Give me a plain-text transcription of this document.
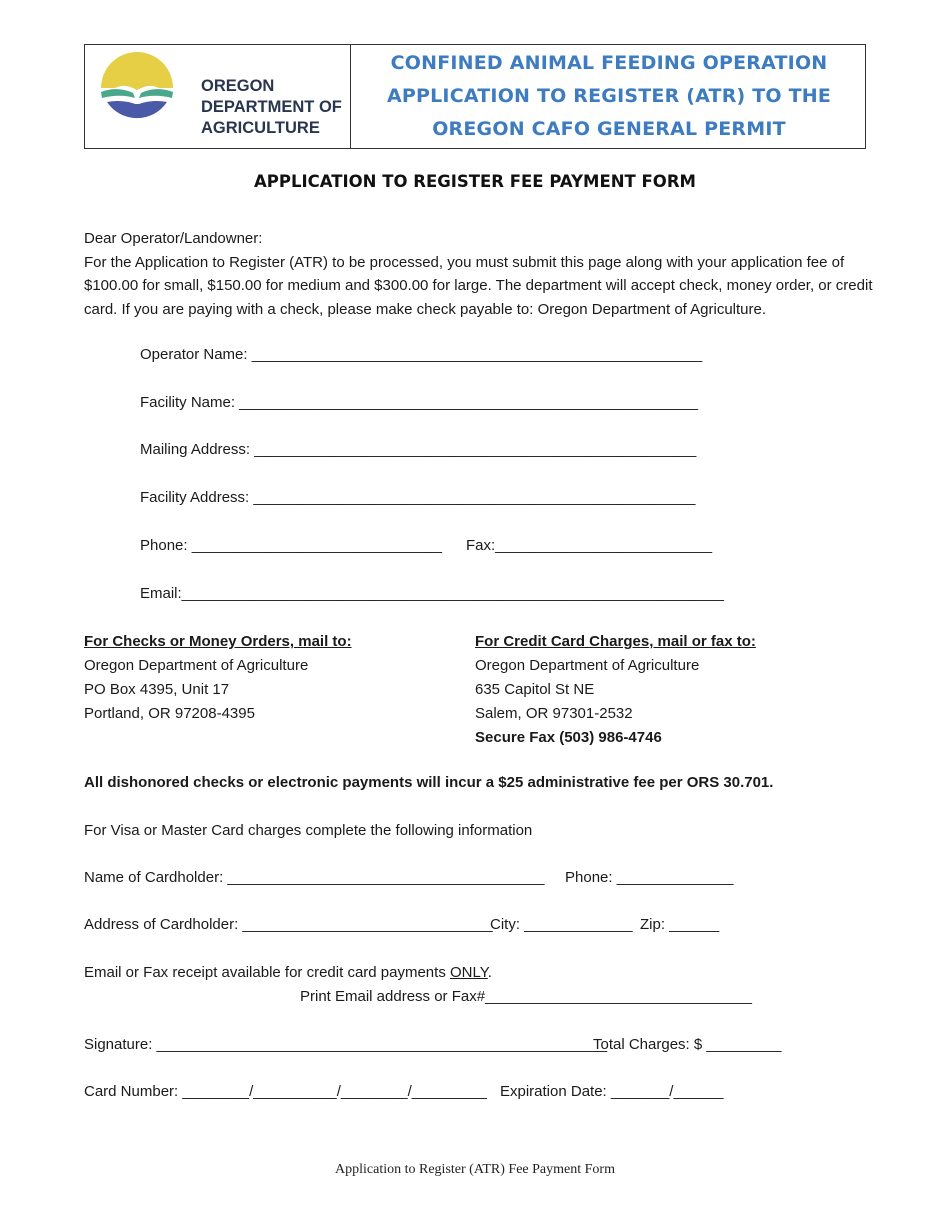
OREGON
DEPARTMENT OF
AGRICULTURE
CONFINED ANIMAL FEEDING OPERATION
APPLICATION TO REGISTER (ATR) TO THE
OREGON CAFO GENERAL PERMIT
APPLICATION TO REGISTER FEE PAYMENT FORM

Dear Operator/Landowner:

For the Application to Register (ATR) to be processed, you must submit this page along with your application fee of $100.00 for small, $150.00 for medium and $300.00 for large. The department will accept check, money order, or credit card. If you are paying with a check, please make check payable to: Oregon Department of Agriculture.

Operator Name: ______________________________________________________
Facility Name: _______________________________________________________
Mailing Address: _____________________________________________________
Facility Address: _____________________________________________________
Phone: ______________________________ Fax:__________________________
Email:_________________________________________________________________
For Checks or Money Orders, mail to:
Oregon Department of Agriculture
PO Box 4395, Unit 17
Portland, OR 97208-4395
For Credit Card Charges, mail or fax to:
Oregon Department of Agriculture
635 Capitol St NE
Salem, OR 97301-2532
Secure Fax (503) 986-4746
All dishonored checks or electronic payments will incur a $25 administrative fee per ORS 30.701.
For Visa or Master Card charges complete the following information
Name of Cardholder: ______________________________________ Phone: ______________
Address of Cardholder: ______________________________
City: _____________ Zip: ______
Email or Fax receipt available for credit card payments ONLY.
Print Email address or Fax#________________________________
Signature: ______________________________________________________
Total Charges: $ _________
Card Number: ________/__________/________/_________ Expiration Date: _______/______
Application to Register (ATR) Fee Payment Form
